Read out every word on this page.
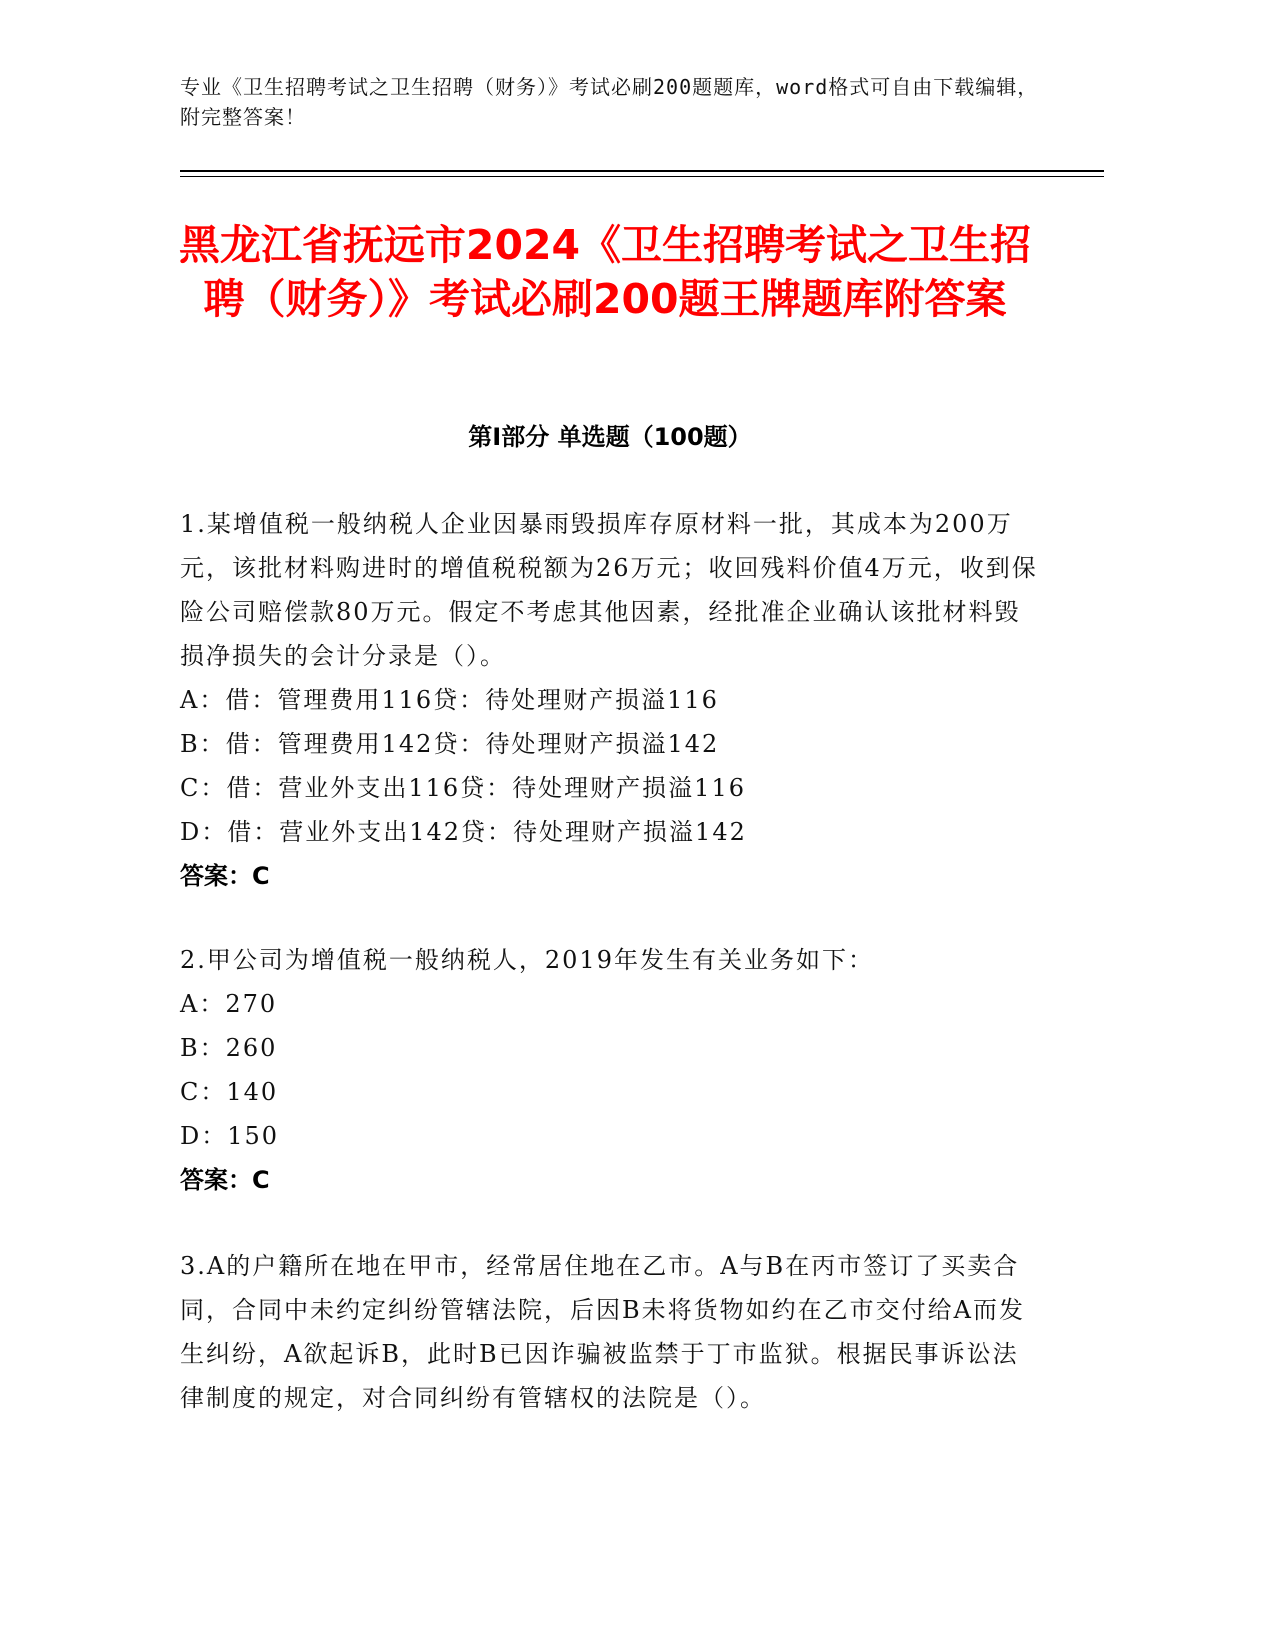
专业《卫生招聘考试之卫生招聘（财务）》考试必刷200题题库，word格式可自由下载编辑，附完整答案！
黑龙江省抚远市2024《卫生招聘考试之卫生招聘（财务）》考试必刷200题王牌题库附答案
第Ⅰ部分 单选题（100题）

1.某增值税一般纳税人企业因暴雨毁损库存原材料一批，其成本为200万元，该批材料购进时的增值税税额为26万元；收回残料价值4万元，收到保险公司赔偿款80万元。假定不考虑其他因素，经批准企业确认该批材料毁损净损失的会计分录是（）。

A：借：管理费用116贷：待处理财产损溢116

B：借：管理费用142贷：待处理财产损溢142

C：借：营业外支出116贷：待处理财产损溢116

D：借：营业外支出142贷：待处理财产损溢142

答案：C

2.甲公司为增值税一般纳税人，2019年发生有关业务如下：

A：270

B：260

C：140

D：150

答案：C

3.A的户籍所在地在甲市，经常居住地在乙市。A与B在丙市签订了买卖合同，合同中未约定纠纷管辖法院，后因B未将货物如约在乙市交付给A而发生纠纷，A欲起诉B，此时B已因诈骗被监禁于丁市监狱。根据民事诉讼法律制度的规定，对合同纠纷有管辖权的法院是（）。
